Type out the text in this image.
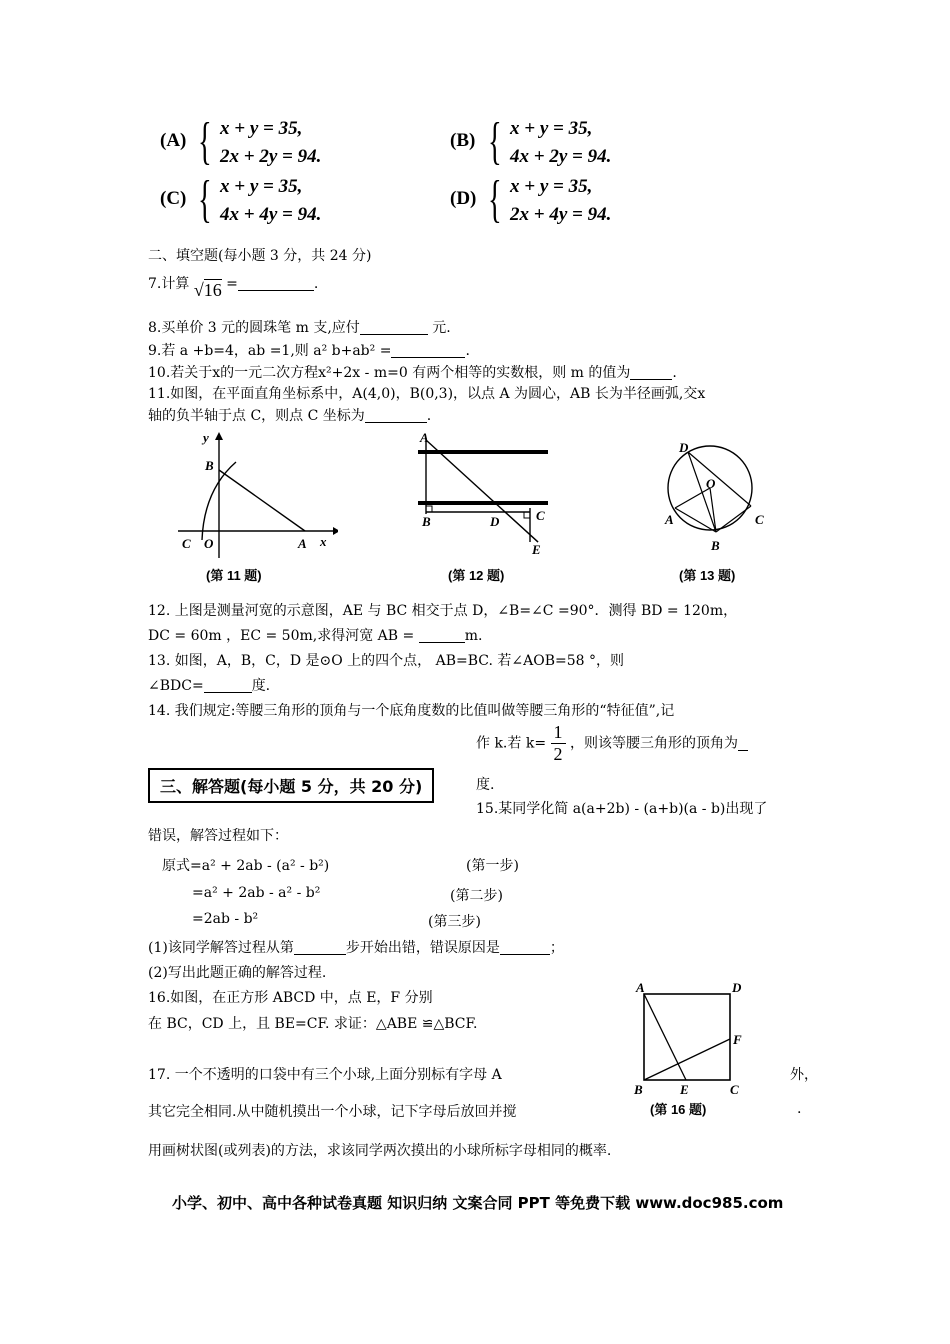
(A) { x + y = 35,
2x + 2y = 94.
(B) { x + y = 35,
4x + 2y = 94.
(C) { x + y = 35,
4x + 4y = 94.
(D) { x + y = 35,
2x + 4y = 94.
二、填空题(每小题 3 分，共 24 分)
7.计算 √16 =	.
8.买单价 3 元的圆珠笔 m 支,应付	元.
9.若 a +b=4，ab =1,则 a² b+ab² =	.
10.若关于x的一元二次方程x²+2x - m=0 有两个相等的实数根，则 m 的值为	.
11.如图，在平面直角坐标系中，A(4,0)，B(0,3)，以点 A 为圆心，AB 长为半径画弧,交x
轴的负半轴于点 C，则点 C 坐标为	.
y
B
C O	A x
(第 11 题)
A
B	D	C
E
(第 12 题)
D
O
A	C
B
(第 13 题)
12. 上图是测量河宽的示意图，AE 与 BC 相交于点 D，∠B=∠C =90°．测得 BD = 120m，
DC = 60m ，EC = 50m,求得河宽 AB =	m.
13. 如图，A，B，C，D 是⊙O 上的四个点， AB=BC. 若∠AOB=58 °，则
∠BDC=	度.
14. 我们规定:等腰三角形的顶角与一个底角度数的比值叫做等腰三角形的“特征值”,记
作 k.若 $k= \frac{1}{2}$ ，则该等腰三角形的顶角为
度.
三、解答题(每小题 5 分，共 20 分)
15.某同学化简 a(a+2b) - (a+b)(a - b)出现了
错误，解答过程如下：
原式=a² + 2ab - (a² - b²)	(第一步)
=a² + 2ab - a² - b²	(第二步)
=2ab - b²	(第三步)
(1)该同学解答过程从第	步开始出错，错误原因是	；
(2)写出此题正确的解答过程.
16.如图，在正方形 ABCD 中，点 E，F 分别
在 BC，CD 上，且 BE=CF. 求证：△ABE ≌△BCF.
17. 一个不透明的口袋中有三个小球,上面分别标有字母 A	外，
其它完全相同.从中随机摸出一个小球，记下字母后放回并搅	.
用画树状图(或列表)的方法，求该同学两次摸出的小球所标字母相同的概率.
A	D
F
B	E	C
(第 16 题)
小学、初中、高中各种试卷真题 知识归纳 文案合同 PPT 等免费下载 www.doc985.com
